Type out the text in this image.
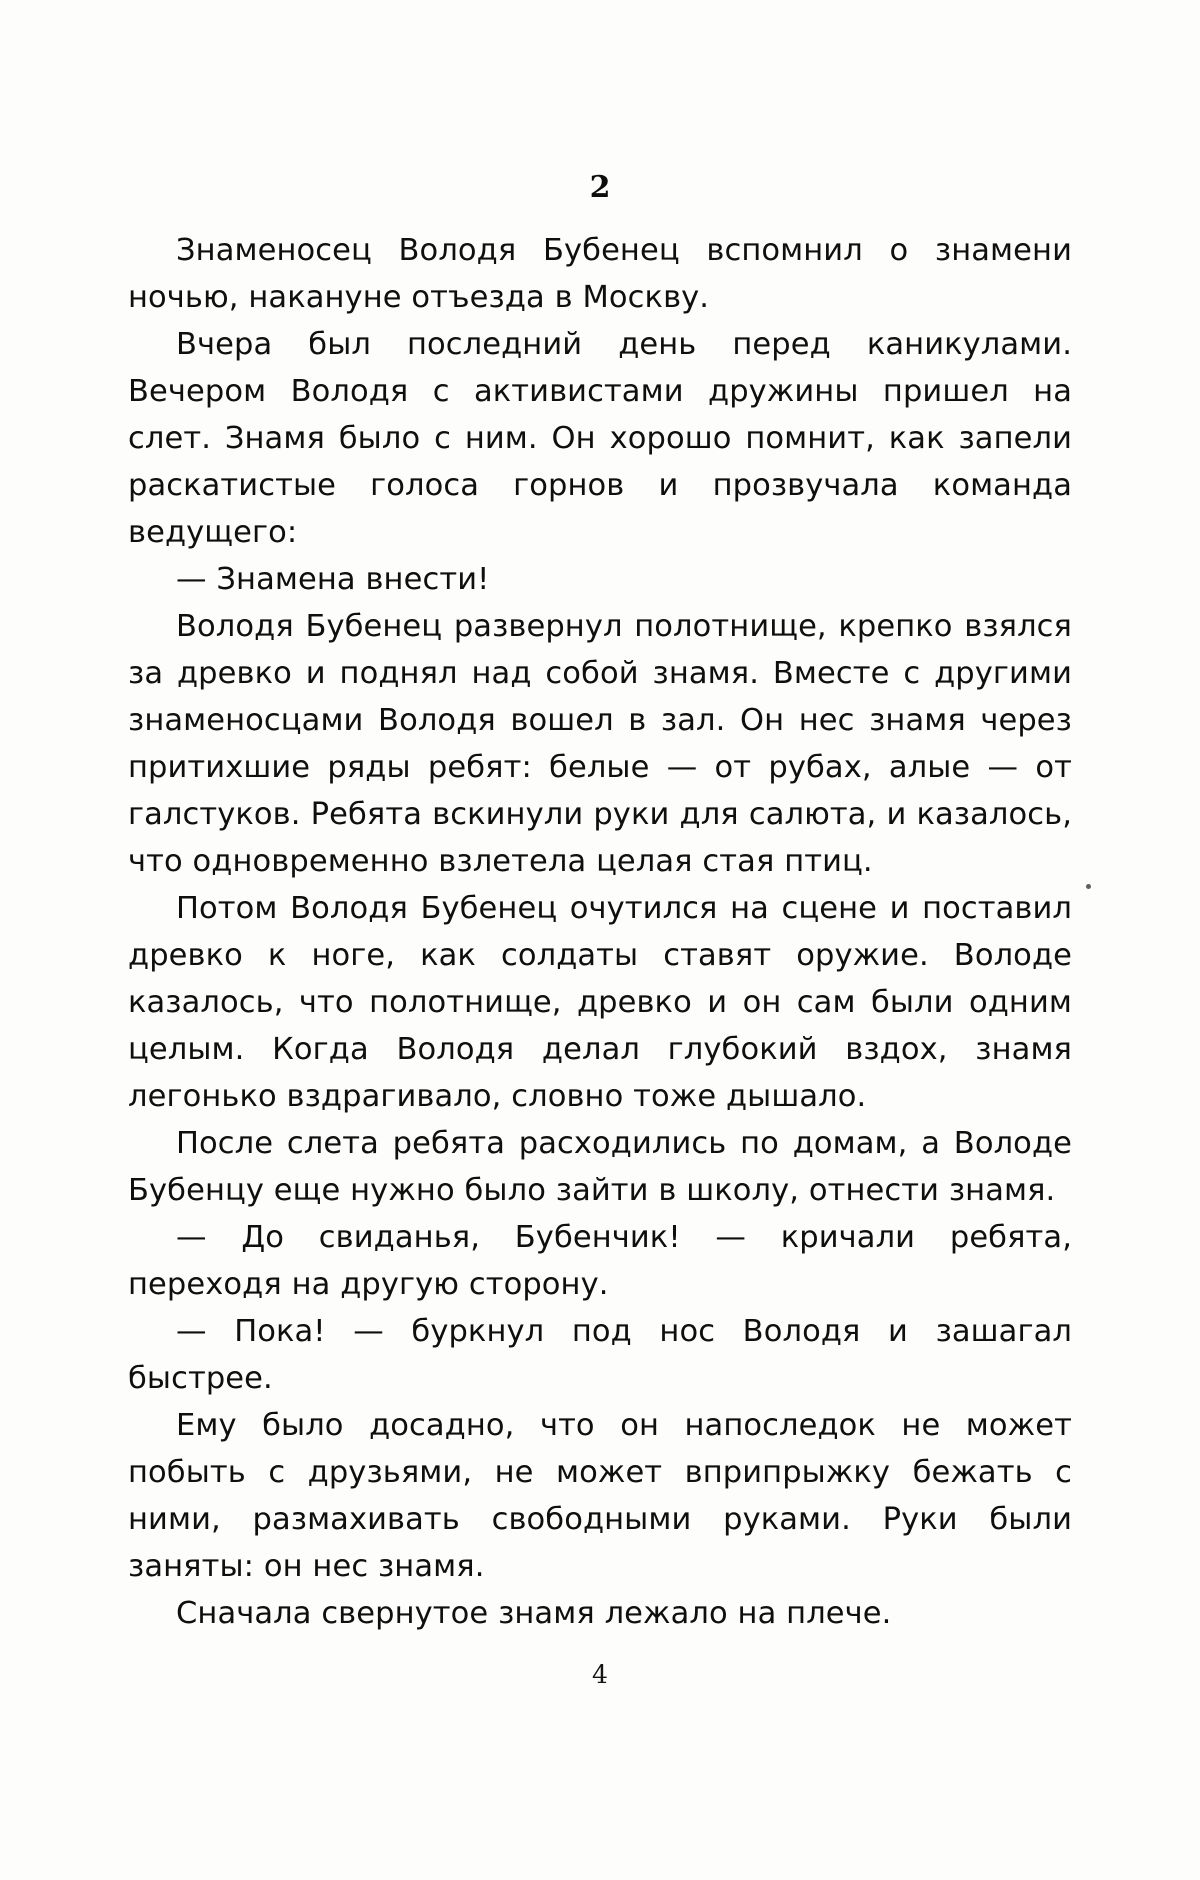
2

Знаменосец Володя Бубенец вспомнил о знамени ночью, накануне отъезда в Москву.

Вчера был последний день перед каникулами. Вечером Володя с активистами дружины пришел на слет. Знамя было с ним. Он хорошо помнит, как запели раскатистые голоса горнов и прозвучала команда ведущего:

— Знамена внести!

Володя Бубенец развернул полотнище, крепко взялся за древко и поднял над собой знамя. Вместе с другими знаменосцами Володя вошел в зал. Он нес знамя через притихшие ряды ребят: белые — от рубах, алые — от галстуков. Ребята вскинули руки для салюта, и казалось, что одновременно взлетела целая стая птиц.

Потом Володя Бубенец очутился на сцене и поставил древко к ноге, как солдаты ставят оружие. Володе казалось, что полотнище, древко и он сам были одним целым. Когда Володя делал глубокий вздох, знамя легонько вздрагивало, словно тоже дышало.

После слета ребята расходились по домам, а Володе Бубенцу еще нужно было зайти в школу, отнести знамя.

— До свиданья, Бубенчик! — кричали ребята, переходя на другую сторону.

— Пока! — буркнул под нос Володя и зашагал быстрее.

Ему было досадно, что он напоследок не может побыть с друзьями, не может вприпрыжку бежать с ними, размахивать свободными руками. Руки были заняты: он нес знамя.

Сначала свернутое знамя лежало на плече.

4
